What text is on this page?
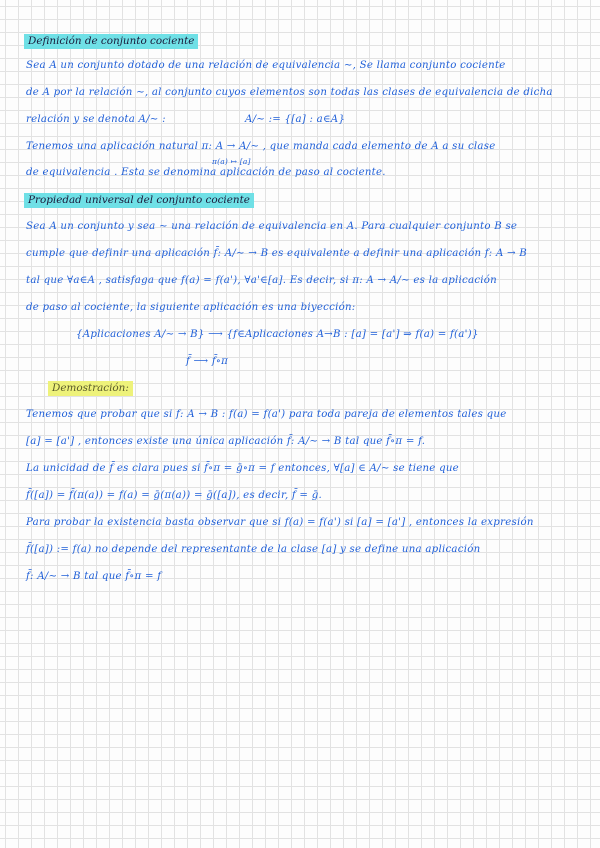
Definición de conjunto cociente
Sea A un conjunto dotado de una relación de equivalencia ∼, Se llama conjunto cociente
de A por la relación ∼, al conjunto cuyos elementos son todas las clases de equivalencia de dicha
relación y se denota A/∼ :	A/∼ := {[a] : a∈A}
Tenemos una aplicación natural π: A → A/∼ , que manda cada elemento de A a su clase
π(a) ↦ [a]
de equivalencia . Esta se denomina aplicación de paso al cociente.
Propiedad universal del conjunto cociente
Sea A un conjunto y sea ∼ una relación de equivalencia en A. Para cualquier conjunto B se
cumple que definir una aplicación f̄: A/∼ → B es equivalente a definir una aplicación f: A → B
tal que ∀a∈A , satisfaga que f(a) = f(a'), ∀a'∈[a]. Es decir, si π: A → A/∼ es la aplicación
de paso al cociente, la siguiente aplicación es una biyección:
{Aplicaciones A/∼ → B} ⟶ {f∈Aplicaciones A→B : [a] = [a'] ⇒ f(a) = f(a')}
f̄ ⟶ f̄∘π
Demostración:
Tenemos que probar que si f: A → B : f(a) = f(a') para toda pareja de elementos tales que
[a] = [a'] , entonces existe una única aplicación f̄: A/∼ → B tal que f̄∘π = f.
La unicidad de f̄ es clara pues si f̄∘π = ḡ∘π = f entonces, ∀[a] ∈ A/∼ se tiene que
f̄([a]) = f̄(π(a)) = f(a) = ḡ(π(a)) = ḡ([a]), es decir, f̄ = ḡ.
Para probar la existencia basta observar que si f(a) = f(a') si [a] = [a'] , entonces la expresión
f̄([a]) := f(a) no depende del representante de la clase [a] y se define una aplicación
f̄: A/∼ → B tal que f̄∘π = f
